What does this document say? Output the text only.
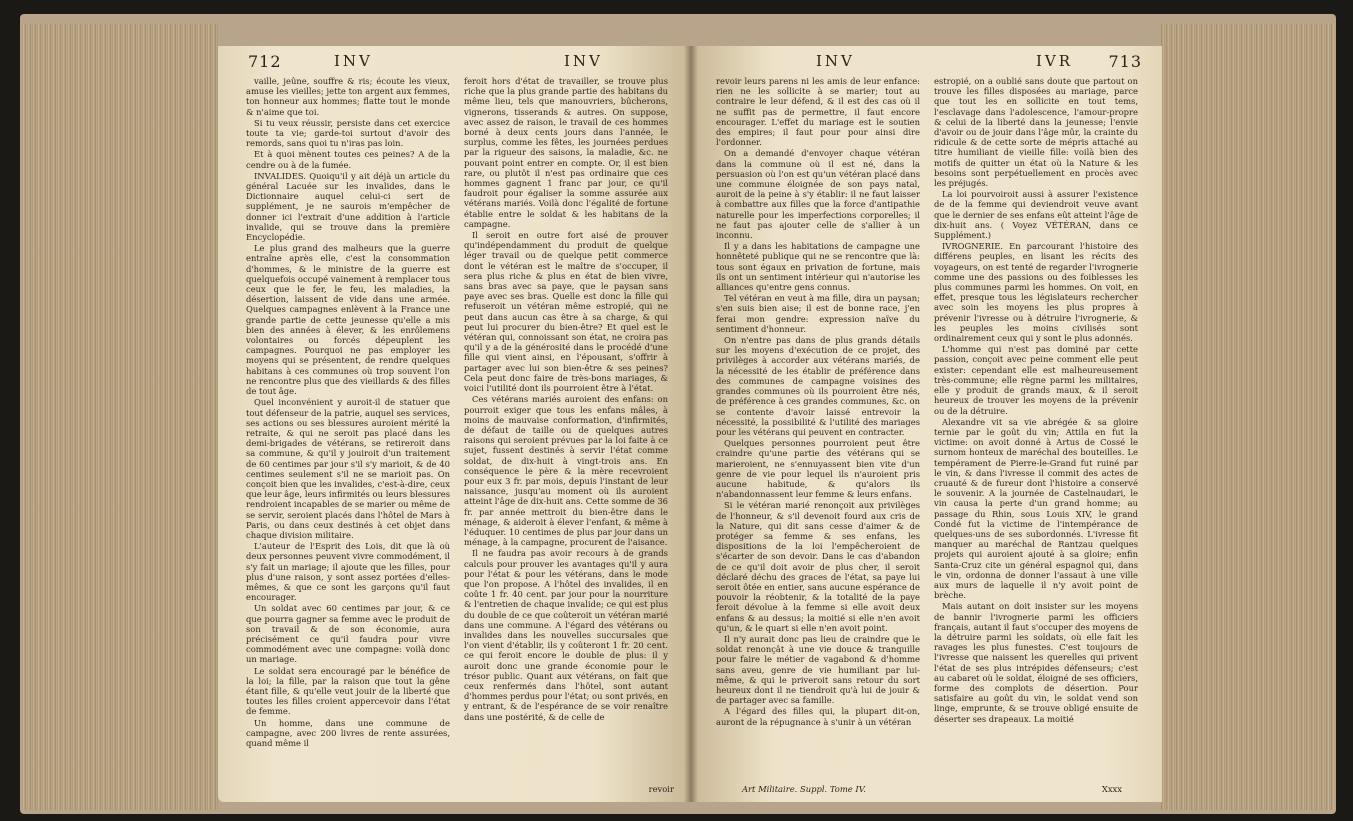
712	INV	INV

vaille, jeûne, souffre & ris; écoute les vieux, amuse les vieilles; jette ton argent aux femmes, ton honneur aux hommes; flatte tout le monde & n'aime que toi.

Si tu veux réussir, persiste dans cet exercice toute ta vie; garde-toi surtout d'avoir des remords, sans quoi tu n'iras pas loin.

Et à quoi mènent toutes ces peines? A de la cendre ou à de la fumée.

INVALIDES. Quoiqu'il y ait déjà un article du général Lacuée sur les invalides, dans le Dictionnaire auquel celui-ci sert de supplément, je ne saurois m'empêcher de donner ici l'extrait d'une addition à l'article invalide, qui se trouve dans la première Encyclopédie.

Le plus grand des malheurs que la guerre entraîne après elle, c'est la consommation d'hommes, & le ministre de la guerre est quelquefois occupé vainement à remplacer tous ceux que le fer, le feu, les maladies, la désertion, laissent de vide dans une armée. Quelques campagnes enlèvent à la France une grande partie de cette jeunesse qu'elle a mis bien des années à élever, & les enrôlemens volontaires ou forcés dépeuplent les campagnes. Pourquoi ne pas employer les moyens qui se présentent, de rendre quelques habitans à ces communes où trop souvent l'on ne rencontre plus que des vieillards & des filles de tout âge.

Quel inconvénient y auroit-il de statuer que tout défenseur de la patrie, auquel ses services, ses actions ou ses blessures auroient mérité la retraite, & qui ne seroit pas placé dans les demi-brigades de vétérans, se retireroit dans sa commune, & qu'il y jouiroit d'un traitement de 60 centimes par jour s'il s'y marioit, & de 40 centimes seulement s'il ne se marioit pas. On conçoit bien que les invalides, c'est-à-dire, ceux que leur âge, leurs infirmités ou leurs blessures rendroient incapables de se marier ou même de se servir, seroient placés dans l'hôtel de Mars à Paris, ou dans ceux destinés à cet objet dans chaque division militaire.

L'auteur de l'Esprit des Lois, dit que là où deux personnes peuvent vivre commodément, il s'y fait un mariage; il ajoute que les filles, pour plus d'une raison, y sont assez portées d'elles-mêmes, & que ce sont les garçons qu'il faut encourager.

Un soldat avec 60 centimes par jour, & ce que pourra gagner sa femme avec le produit de son travail & de son économie, aura précisément ce qu'il faudra pour vivre commodément avec une compagne: voilà donc un mariage.

Le soldat sera encouragé par le bénéfice de la loi; la fille, par la raison que tout la gêne étant fille, & qu'elle veut jouir de la liberté que toutes les filles croient appercevoir dans l'état de femme.

Un homme, dans une commune de campagne, avec 200 livres de rente assurées, quand même il

feroit hors d'état de travailler, se trouve plus riche que la plus grande partie des habitans du même lieu, tels que manouvriers, bûcherons, vignerons, tisserands & autres. On suppose, avec assez de raison, le travail de ces hommes borné à deux cents jours dans l'année, le surplus, comme les fêtes, les journées perdues par la rigueur des saisons, la maladie, &c. ne pouvant point entrer en compte. Or, il est bien rare, ou plutôt il n'est pas ordinaire que ces hommes gagnent 1 franc par jour, ce qu'il faudroit pour égaliser la somme assurée aux vétérans mariés. Voilà donc l'égalité de fortune établie entre le soldat & les habitans de la campagne.

Il seroit en outre fort aisé de prouver qu'indépendamment du produit de quelque léger travail ou de quelque petit commerce dont le vétéran est le maître de s'occuper, il sera plus riche & plus en état de bien vivre, sans bras avec sa paye, que le paysan sans paye avec ses bras. Quelle est donc la fille qui refuseroit un vétéran même estropié, qui ne peut dans aucun cas être à sa charge, & qui peut lui procurer du bien-être? Et quel est le vétéran qui, connoissant son état, ne croira pas qu'il y a de la générosité dans le procédé d'une fille qui vient ainsi, en l'épousant, s'offrir à partager avec lui son bien-être & ses peines? Cela peut donc faire de très-bons mariages, & voici l'utilité dont ils pourroient être à l'état.

Ces vétérans mariés auroient des enfans: on pourroit exiger que tous les enfans mâles, à moins de mauvaise conformation, d'infirmités, de défaut de taille ou de quelques autres raisons qui seroient prévues par la loi faite à ce sujet, fussent destinés à servir l'état comme soldat, de dix-huit à vingt-trois ans. En conséquence le père & la mère recevroient pour eux 3 fr. par mois, depuis l'instant de leur naissance, jusqu'au moment où ils auroient atteint l'âge de dix-huit ans. Cette somme de 36 fr. par année mettroit du bien-être dans le ménage, & aideroit à élever l'enfant, & même à l'éduquer. 10 centimes de plus par jour dans un ménage, à la campagne, procurent de l'aisance.

Il ne faudra pas avoir recours à de grands calculs pour prouver les avantages qu'il y aura pour l'état & pour les vétérans, dans le mode que l'on propose. A l'hôtel des invalides, il en coûte 1 fr. 40 cent. par jour pour la nourriture & l'entretien de chaque invalide; ce qui est plus du double de ce que coûteroit un vétéran marié dans une commune. A l'égard des vétérans ou invalides dans les nouvelles succursales que l'on vient d'établir, ils y coûteront 1 fr. 20 cent. ce qui feroit encore le double de plus: il y auroit donc une grande économie pour le trésor public. Quant aux vétérans, on fait que ceux renfermés dans l'hôtel, sont autant d'hommes perdus pour l'état; ou sont privés, en y entrant, & de l'espérance de se voir renaître dans une postérité, & de celle de

revoir
INV	IVR 713

revoir leurs parens ni les amis de leur enfance: rien ne les sollicite à se marier; tout au contraire le leur défend, & il est des cas où il ne suffit pas de permettre, il faut encore encourager. L'effet du mariage est le soutien des empires; il faut pour pour ainsi dire l'ordonner.

On a demandé d'envoyer chaque vétéran dans la commune où il est né, dans la persuasion où l'on est qu'un vétéran placé dans une commune éloignée de son pays natal, auroit de la peine à s'y établir: il ne faut laisser à combattre aux filles que la force d'antipathie naturelle pour les imperfections corporelles; il ne faut pas ajouter celle de s'allier à un inconnu.

Il y a dans les habitations de campagne une honnêteté publique qui ne se rencontre que là: tous sont égaux en privation de fortune, mais ils ont un sentiment intérieur qui n'autorise les alliances qu'entre gens connus.

Tel vétéran en veut à ma fille, dira un paysan; s'en suis bien aise; il est de bonne race, j'en ferai mon gendre: expression naïve du sentiment d'honneur.

On n'entre pas dans de plus grands détails sur les moyens d'exécution de ce projet, des privilèges à accorder aux vétérans mariés, de la nécessité de les établir de préférence dans des communes de campagne voisines des grandes communes où ils pourroient être nés, de préférence à ces grandes communes, &c. on se contente d'avoir laissé entrevoir la nécessité, la possibilité & l'utilité des mariages pour les vétérans qui peuvent en contracter.

Quelques personnes pourroient peut être craindre qu'une partie des vétérans qui se marieroient, ne s'ennuyassent bien vite d'un genre de vie pour lequel ils n'auroient pris aucune habitude, & qu'alors ils n'abandonnassent leur femme & leurs enfans.

Si le vétéran marié renonçoit aux privilèges de l'honneur, & s'il devenoit fourd aux cris de la Nature, qui dit sans cesse d'aimer & de protéger sa femme & ses enfans, les dispositions de la loi l'empêcheroient de s'écarter de son devoir. Dans le cas d'abandon de ce qu'il doit avoir de plus cher, il seroit déclaré déchu des graces de l'état, sa paye lui seroit ôtée en entier, sans aucune espérance de pouvoir la réobtenir, & la totalité de la paye feroit dévolue à la femme si elle avoit deux enfans & au dessus; la moitié si elle n'en avoit qu'un, & le quart si elle n'en avoit point.

Il n'y aurait donc pas lieu de craindre que le soldat renonçât à une vie douce & tranquille pour faire le métier de vagabond & d'homme sans aveu, genre de vie humiliant par lui-même, & qui le priveroit sans retour du sort heureux dont il ne tiendroit qu'à lui de jouir & de partager avec sa famille.

A l'égard des filles qui, la plupart dit-on, auront de la répugnance à s'unir à un vétéran

Art Militaire. Suppl. Tome IV.

estropié, on a oublié sans doute que partout on trouve les filles disposées au mariage, parce que tout les en sollicite en tout tems, l'esclavage dans l'adolescence, l'amour-propre & celui de la liberté dans la jeunesse; l'envie d'avoir ou de jouir dans l'âge mûr, la crainte du ridicule & de cette sorte de mépris attaché au titre humiliant de vieille fille: voilà bien des motifs de quitter un état où la Nature & les besoins sont perpétuellement en procès avec les préjugés.

La loi pourvoiroit aussi à assurer l'existence de de la femme qui deviendroit veuve avant que le dernier de ses enfans eût atteint l'âge de dix-huit ans. ( Voyez VÉTÉRAN, dans ce Supplément.)

IVROGNERIE. En parcourant l'histoire des différens peuples, en lisant les récits des voyageurs, on est tenté de regarder l'ivrognerie comme une des passions ou des foiblesses les plus communes parmi les hommes. On voit, en effet, presque tous les législateurs rechercher avec soin les moyens les plus propres à prévenir l'ivresse ou à détruire l'ivrognerie, & les peuples les moins civilisés sont ordinairement ceux qui y sont le plus adonnés.

L'homme qui n'est pas dominé par cette passion, conçoit avec peine comment elle peut exister: cependant elle est malheureusement très-commune; elle règne parmi les militaires, elle y produit de grands maux, & il seroit heureux de trouver les moyens de la prévenir ou de la détruire.

Alexandre vit sa vie abrégée & sa gloire ternie par le goût du vin; Attila en fut la victime: on avoit donné à Artus de Cossé le surnom honteux de maréchal des bouteilles. Le tempérament de Pierre-le-Grand fut ruiné par le vin, & dans l'ivresse il commit des actes de cruauté & de fureur dont l'histoire a conservé le souvenir. A la journée de Castelnaudari, le vin causa la perte d'un grand homme; au passage du Rhin, sous Louis XIV, le grand Condé fut la victime de l'intempérance de quelques-uns de ses subordonnés. L'ivresse fit manquer au maréchal de Rantzau quelques projets qui auroient ajouté à sa gloire; enfin Santa-Cruz cite un général espagnol qui, dans le vin, ordonna de donner l'assaut à une ville aux murs de laquelle il n'y avoit point de brèche.

Mais autant on doit insister sur les moyens de bannir l'ivrognerie parmi les officiers français, autant il faut s'occuper des moyens de la détruire parmi les soldats, où elle fait les ravages les plus funestes. C'est toujours de l'ivresse que naissent les querelles qui privent l'état de ses plus intrépides défenseurs; c'est au cabaret où le soldat, éloigné de ses officiers, forme des complots de désertion. Pour satisfaire au goût du vin, le soldat vend son linge, emprunte, & se trouve obligé ensuite de déserter ses drapeaux. La moitié

Xxxx
